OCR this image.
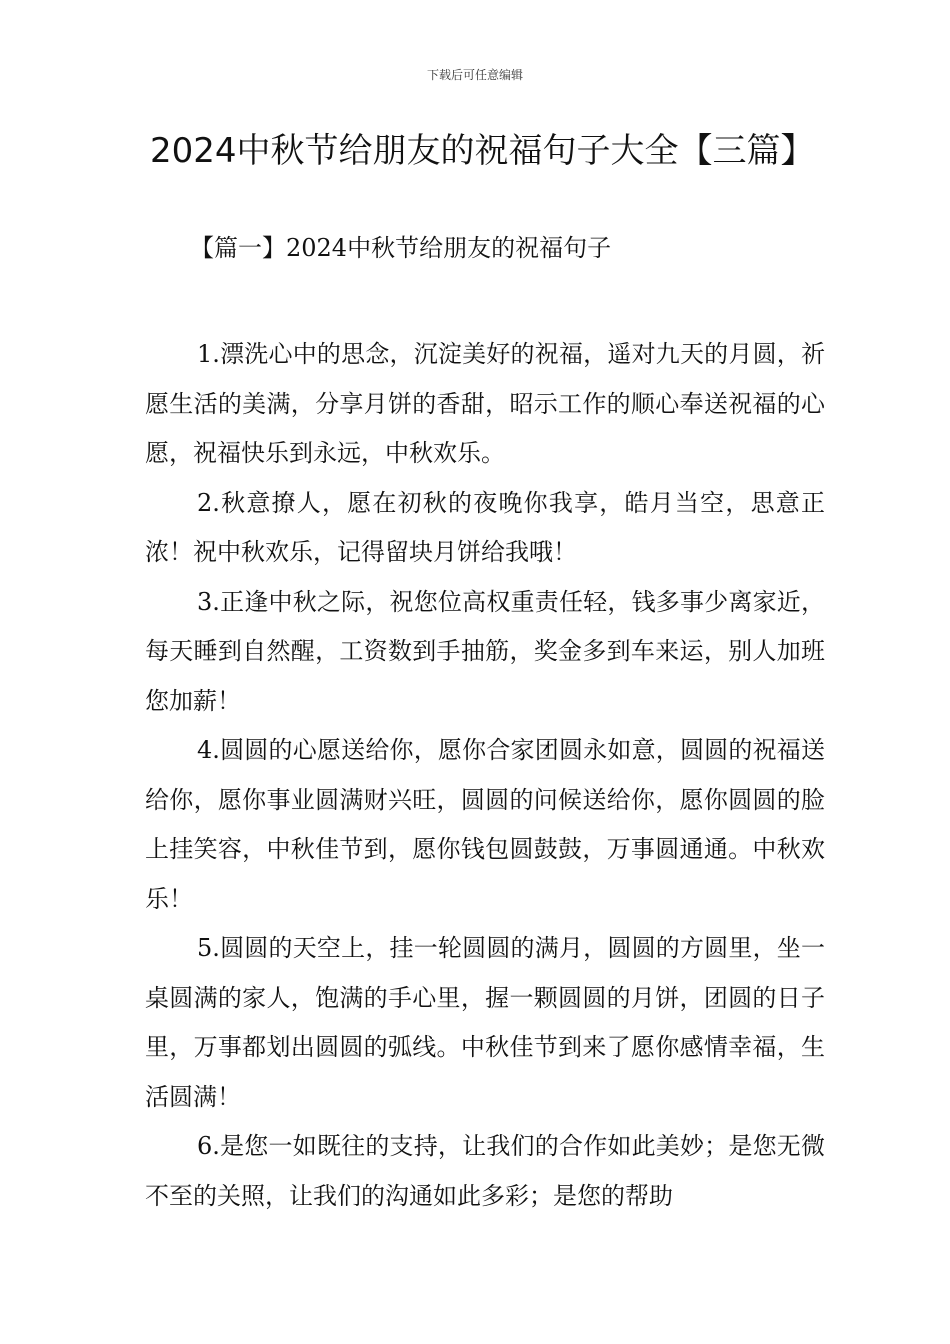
下载后可任意编辑
2024中秋节给朋友的祝福句子大全【三篇】
【篇一】2024中秋节给朋友的祝福句子

1.漂洗心中的思念，沉淀美好的祝福，遥对九天的月圆，祈愿生活的美满，分享月饼的香甜，昭示工作的顺心奉送祝福的心愿，祝福快乐到永远，中秋欢乐。

2.秋意撩人，愿在初秋的夜晚你我享，皓月当空，思意正浓！祝中秋欢乐，记得留块月饼给我哦！

3.正逢中秋之际，祝您位高权重责任轻，钱多事少离家近，每天睡到自然醒，工资数到手抽筋，奖金多到车来运，别人加班您加薪！

4.圆圆的心愿送给你，愿你合家团圆永如意，圆圆的祝福送给你，愿你事业圆满财兴旺，圆圆的问候送给你，愿你圆圆的脸上挂笑容，中秋佳节到，愿你钱包圆鼓鼓，万事圆通通。中秋欢乐！

5.圆圆的天空上，挂一轮圆圆的满月，圆圆的方圆里，坐一桌圆满的家人，饱满的手心里，握一颗圆圆的月饼，团圆的日子里，万事都划出圆圆的弧线。中秋佳节到来了愿你感情幸福，生活圆满！

6.是您一如既往的支持，让我们的合作如此美妙；是您无微不至的关照，让我们的沟通如此多彩；是您的帮助
